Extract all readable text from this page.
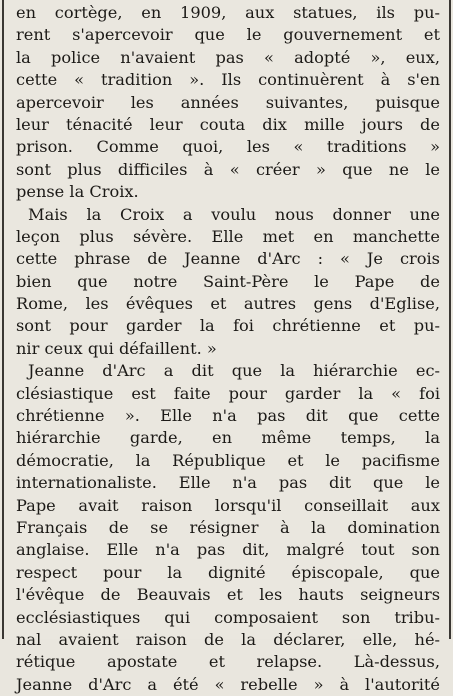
en cortège, en 1909, aux statues, ils pu-
rent s'apercevoir que le gouvernement et
la police n'avaient pas « adopté », eux,
cette « tradition ». Ils continuèrent à s'en
apercevoir les années suivantes, puisque
leur ténacité leur couta dix mille jours de
prison. Comme quoi, les « traditions »
sont plus difficiles à « créer » que ne le
pense la Croix.

Mais la Croix a voulu nous donner une
leçon plus sévère. Elle met en manchette
cette phrase de Jeanne d'Arc : « Je crois
bien que notre Saint-Père le Pape de
Rome, les évêques et autres gens d'Eglise,
sont pour garder la foi chrétienne et pu-
nir ceux qui défaillent. »

Jeanne d'Arc a dit que la hiérarchie ec-
clésiastique est faite pour garder la « foi
chrétienne ». Elle n'a pas dit que cette
hiérarchie garde, en même temps, la
démocratie, la République et le pacifisme
internationaliste. Elle n'a pas dit que le
Pape avait raison lorsqu'il conseillait aux
Français de se résigner à la domination
anglaise. Elle n'a pas dit, malgré tout son
respect pour la dignité épiscopale, que
l'évêque de Beauvais et les hauts seigneurs
ecclésiastiques qui composaient son tribu-
nal avaient raison de la déclarer, elle, hé-
rétique apostate et relapse. Là-dessus,
Jeanne d'Arc a été « rebelle » à l'autorité
